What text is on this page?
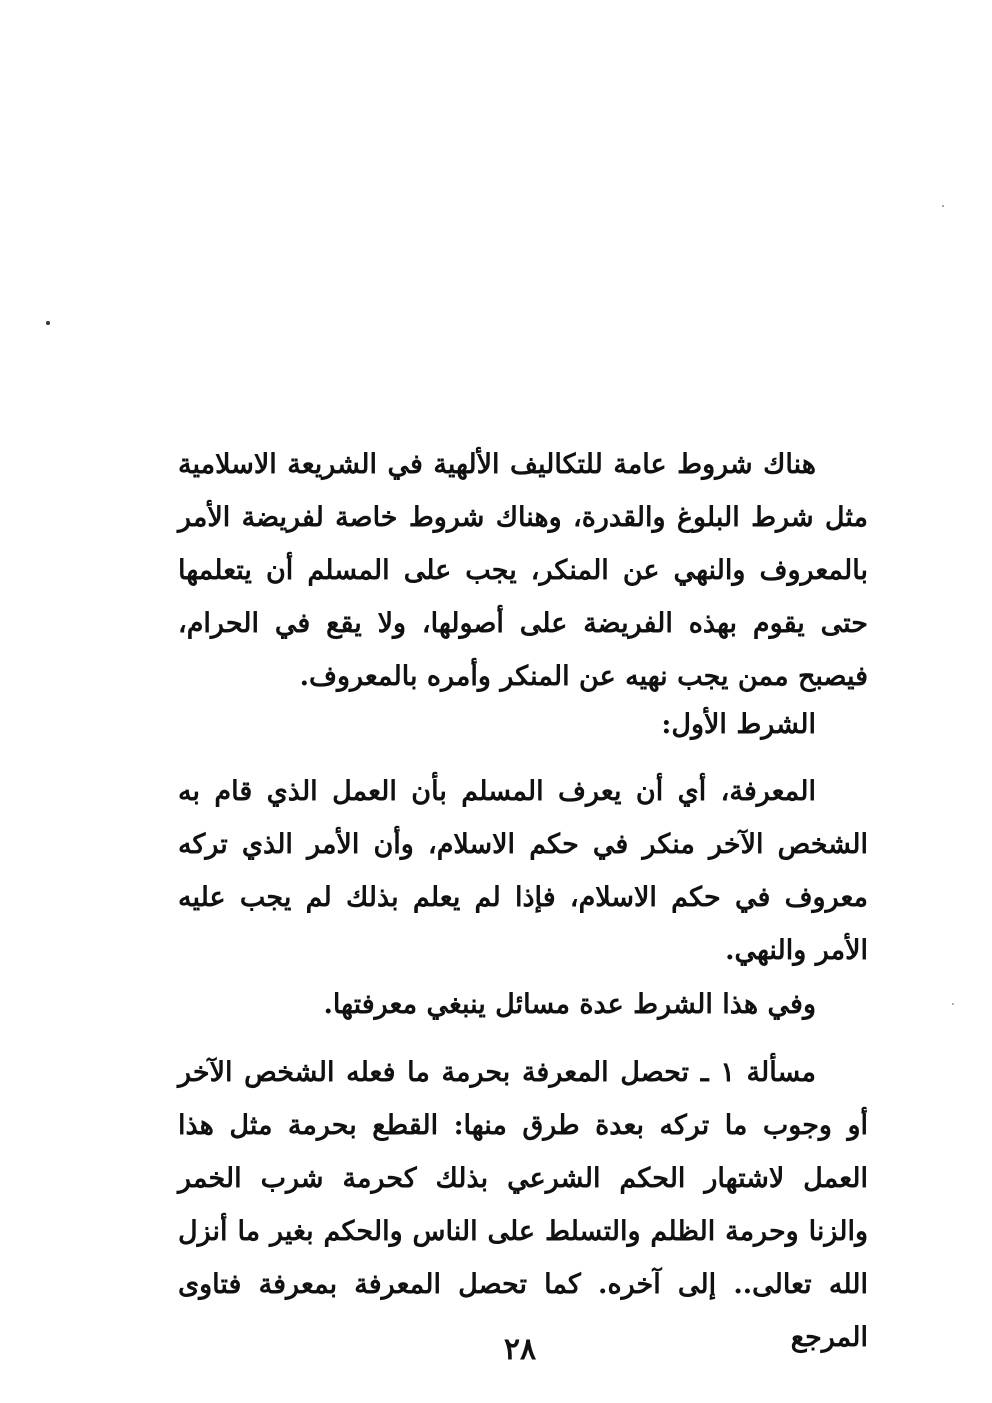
هناك شروط عامة للتكاليف الألهية في الشريعة الاسلامية مثل شرط البلوغ والقدرة، وهناك شروط خاصة لفريضة الأمر بالمعروف والنهي عن المنكر، يجب على المسلم أن يتعلمها حتى يقوم بهذه الفريضة على أصولها، ولا يقع في الحرام، فيصبح ممن يجب نهيه عن المنكر وأمره بالمعروف.

الشرط الأول:

المعرفة، أي أن يعرف المسلم بأن العمل الذي قام به الشخص الآخر منكر في حكم الاسلام، وأن الأمر الذي تركه معروف في حكم الاسلام، فإذا لم يعلم بذلك لم يجب عليه الأمر والنهي.

وفي هذا الشرط عدة مسائل ينبغي معرفتها.

مسألة ١ ـ تحصل المعرفة بحرمة ما فعله الشخص الآخر أو وجوب ما تركه بعدة طرق منها: القطع بحرمة مثل هذا العمل لاشتهار الحكم الشرعي بذلك كحرمة شرب الخمر والزنا وحرمة الظلم والتسلط على الناس والحكم بغير ما أنزل الله تعالى.. إلى آخره. كما تحصل المعرفة بمعرفة فتاوى المرجع

٢٨
